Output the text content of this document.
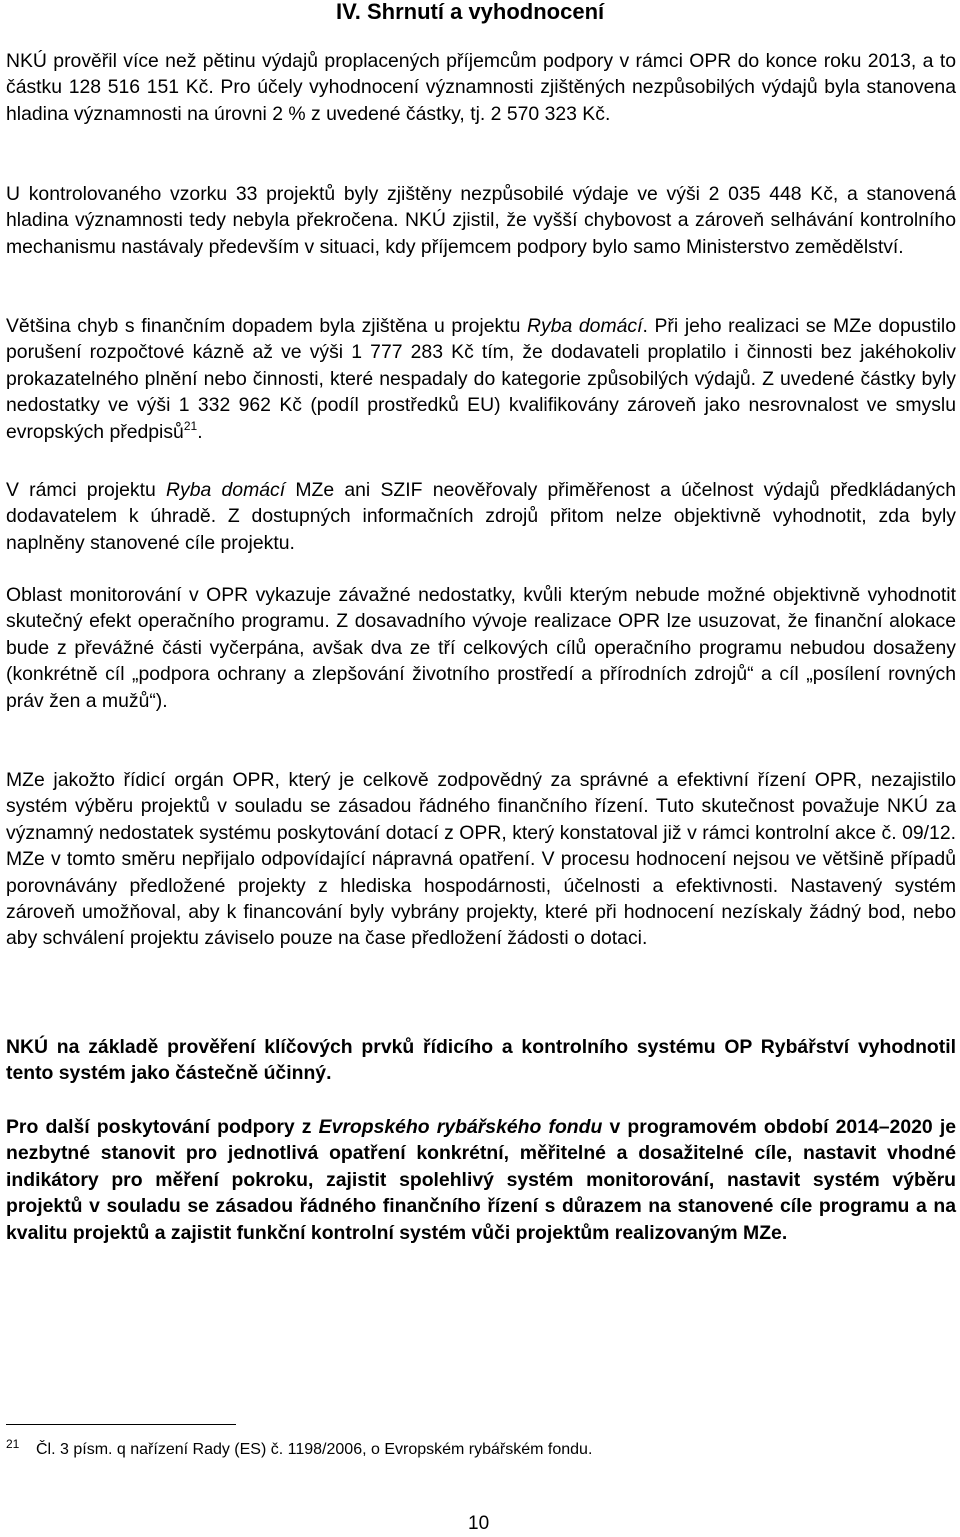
IV. Shrnutí a vyhodnocení

NKÚ prověřil více než pětinu výdajů proplacených příjemcům podpory v rámci OPR do konce roku 2013, a to částku 128 516 151 Kč. Pro účely vyhodnocení významnosti zjištěných nezpůsobilých výdajů byla stanovena hladina významnosti na úrovni 2 % z uvedené částky, tj. 2 570 323 Kč.

U kontrolovaného vzorku 33 projektů byly zjištěny nezpůsobilé výdaje ve výši 2 035 448 Kč, a stanovená hladina významnosti tedy nebyla překročena. NKÚ zjistil, že vyšší chybovost a zároveň selhávání kontrolního mechanismu nastávaly především v situaci, kdy příjemcem podpory bylo samo Ministerstvo zemědělství.

Většina chyb s finančním dopadem byla zjištěna u projektu Ryba domácí. Při jeho realizaci se MZe dopustilo porušení rozpočtové kázně až ve výši 1 777 283 Kč tím, že dodavateli proplatilo i činnosti bez jakéhokoliv prokazatelného plnění nebo činnosti, které nespadaly do kategorie způsobilých výdajů. Z uvedené částky byly nedostatky ve výši 1 332 962 Kč (podíl prostředků EU) kvalifikovány zároveň jako nesrovnalost ve smyslu evropských předpisů$^{21}$.

V rámci projektu Ryba domácí MZe ani SZIF neověřovaly přiměřenost a účelnost výdajů předkládaných dodavatelem k úhradě. Z dostupných informačních zdrojů přitom nelze objektivně vyhodnotit, zda byly naplněny stanovené cíle projektu.

Oblast monitorování v OPR vykazuje závažné nedostatky, kvůli kterým nebude možné objektivně vyhodnotit skutečný efekt operačního programu. Z dosavadního vývoje realizace OPR lze usuzovat, že finanční alokace bude z převážné části vyčerpána, avšak dva ze tří celkových cílů operačního programu nebudou dosaženy (konkrétně cíl „podpora ochrany a zlepšování životního prostředí a přírodních zdrojů“ a cíl „posílení rovných práv žen a mužů“).

MZe jakožto řídicí orgán OPR, který je celkově zodpovědný za správné a efektivní řízení OPR, nezajistilo systém výběru projektů v souladu se zásadou řádného finančního řízení. Tuto skutečnost považuje NKÚ za významný nedostatek systému poskytování dotací z OPR, který konstatoval již v rámci kontrolní akce č. 09/12. MZe v tomto směru nepřijalo odpovídající nápravná opatření. V procesu hodnocení nejsou ve většině případů porovnávány předložené projekty z hlediska hospodárnosti, účelnosti a efektivnosti. Nastavený systém zároveň umožňoval, aby k financování byly vybrány projekty, které při hodnocení nezískaly žádný bod, nebo aby schválení projektu záviselo pouze na čase předložení žádosti o dotaci.

NKÚ na základě prověření klíčových prvků řídicího a kontrolního systému OP Rybářství vyhodnotil tento systém jako částečně účinný.

Pro další poskytování podpory z Evropského rybářského fondu v programovém období 2014–2020 je nezbytné stanovit pro jednotlivá opatření konkrétní, měřitelné a dosažitelné cíle, nastavit vhodné indikátory pro měření pokroku, zajistit spolehlivý systém monitorování, nastavit systém výběru projektů v souladu se zásadou řádného finančního řízení s důrazem na stanovené cíle programu a na kvalitu projektů a zajistit funkční kontrolní systém vůči projektům realizovaným MZe.

21 Čl. 3 písm. q nařízení Rady (ES) č. 1198/2006, o Evropském rybářském fondu.
10
